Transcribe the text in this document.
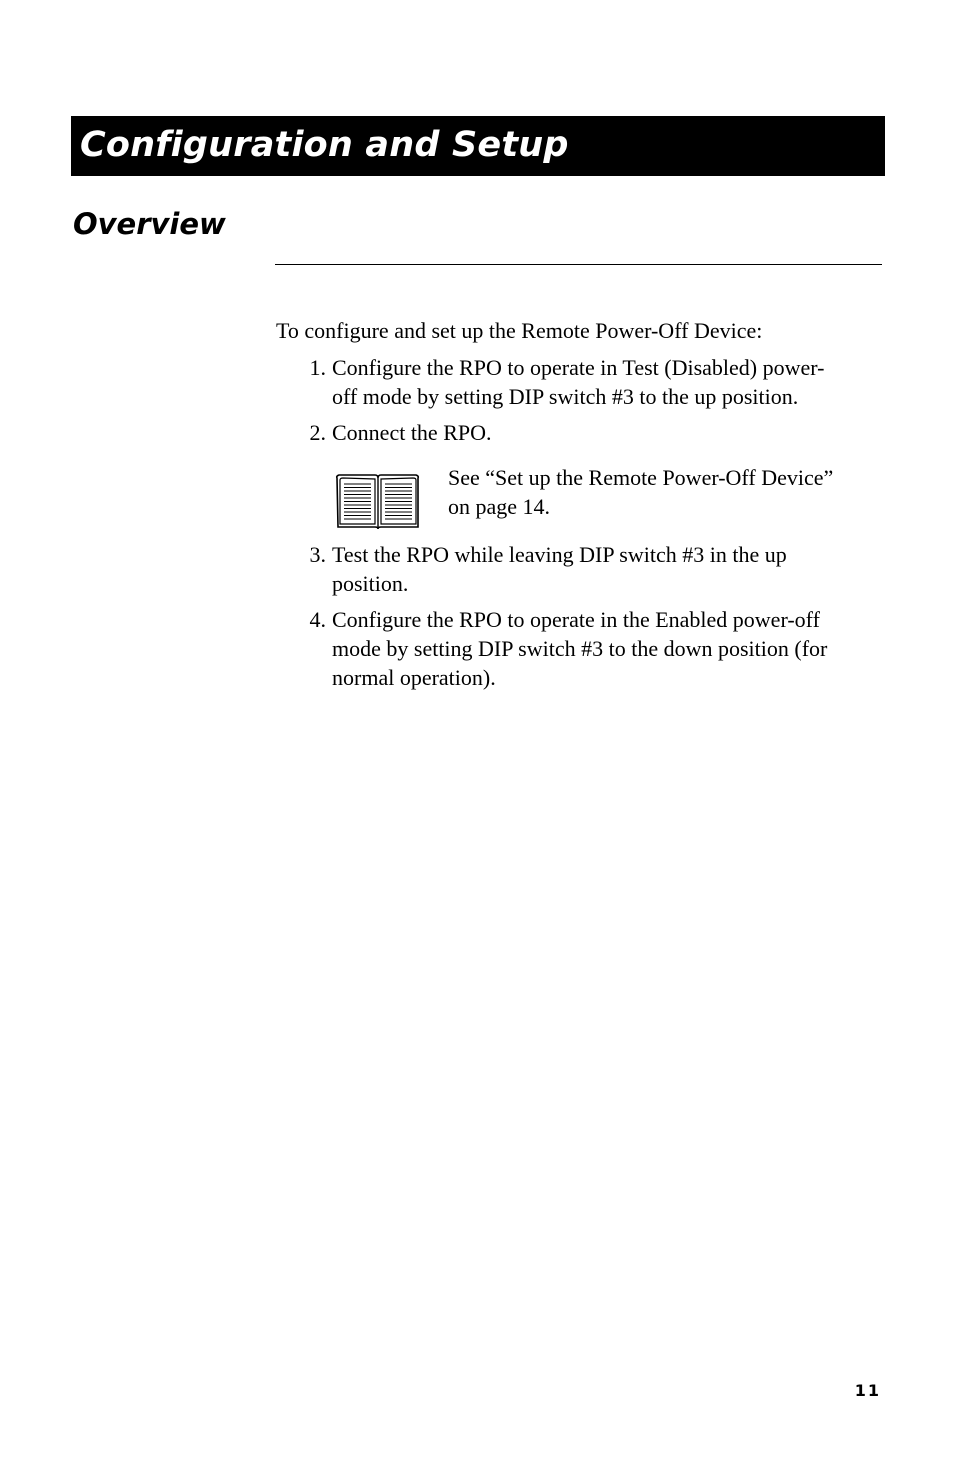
Configuration and Setup
Overview

To configure and set up the Remote Power-Off Device:

1. Configure the RPO to operate in Test (Disabled) power-
off mode by setting DIP switch #3 to the up position.
2. Connect the RPO.
See “Set up the Remote Power-Off Device”
on page 14.
3. Test the RPO while leaving DIP switch #3 in the up
position.
4. Configure the RPO to operate in the Enabled power-off
mode by setting DIP switch #3 to the down position (for
normal operation).
11
